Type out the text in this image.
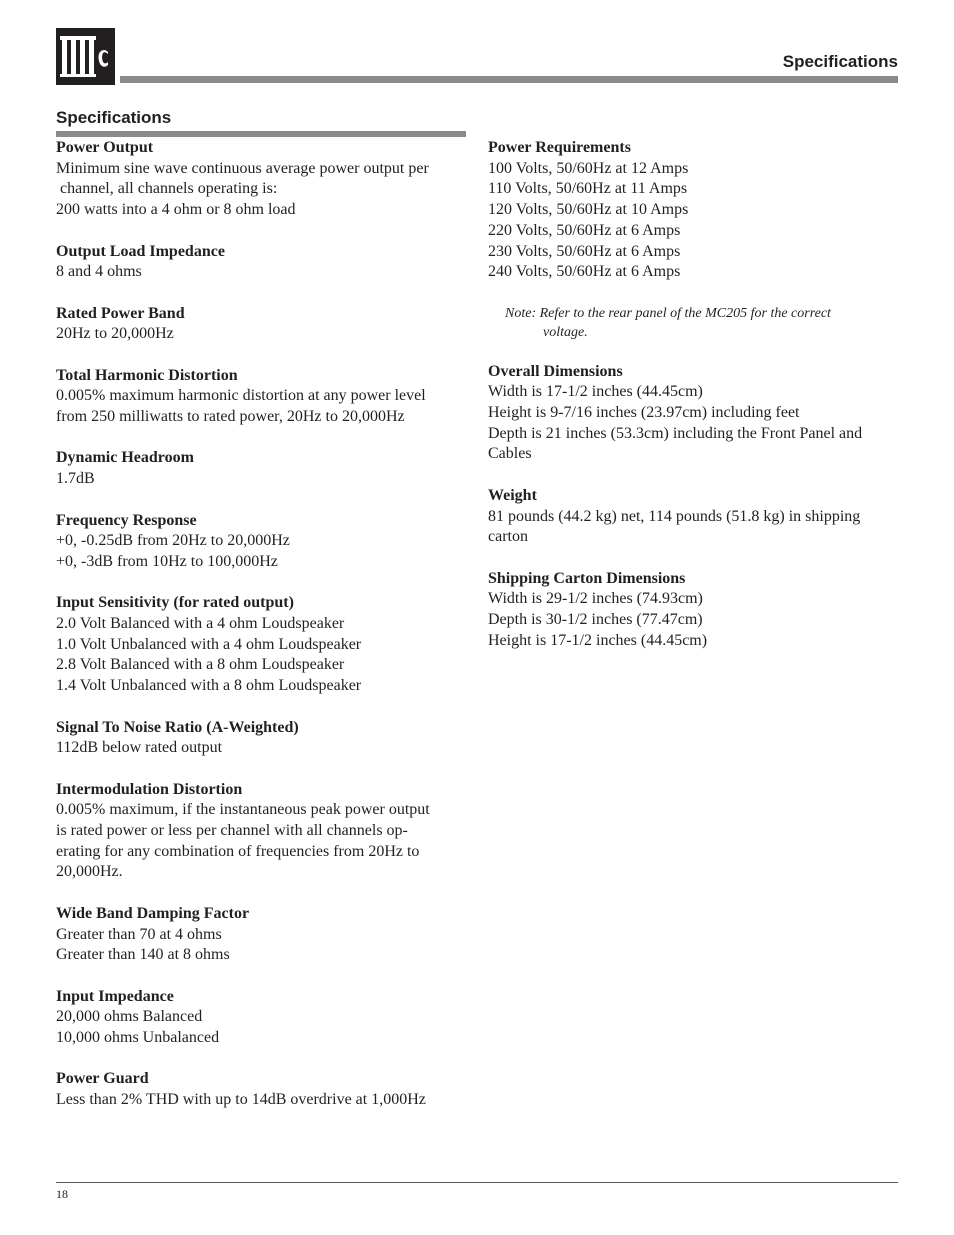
Specifications
Specifications
Power Output
Minimum sine wave continuous average power output per
channel, all channels operating is:
200 watts into a 4 ohm or 8 ohm load
Output Load Impedance
8 and 4 ohms
Rated Power Band
20Hz to 20,000Hz
Total Harmonic Distortion
0.005% maximum harmonic distortion at any power level
from 250 milliwatts to rated power, 20Hz to 20,000Hz
Dynamic Headroom
1.7dB
Frequency Response
+0, -0.25dB from 20Hz to 20,000Hz
+0, -3dB from 10Hz to 100,000Hz
Input Sensitivity (for rated output)
2.0 Volt Balanced with a 4 ohm Loudspeaker
1.0 Volt Unbalanced with a 4 ohm Loudspeaker
2.8 Volt Balanced with a 8 ohm Loudspeaker
1.4 Volt Unbalanced with a 8 ohm Loudspeaker
Signal To Noise Ratio (A-Weighted)
112dB below rated output
Intermodulation Distortion
0.005% maximum, if the instantaneous peak power output
is rated power or less per channel with all channels op-
erating for any combination of frequencies from 20Hz to
20,000Hz.
Wide Band Damping Factor
Greater than 70 at 4 ohms
Greater than 140 at 8 ohms
Input Impedance
20,000 ohms Balanced
10,000 ohms Unbalanced
Power Guard
Less than 2% THD with up to 14dB overdrive at 1,000Hz
Power Requirements
100 Volts, 50/60Hz at 12 Amps
110 Volts, 50/60Hz at 11 Amps
120 Volts, 50/60Hz at 10 Amps
220 Volts, 50/60Hz at 6 Amps
230 Volts, 50/60Hz at 6 Amps
240 Volts, 50/60Hz at 6 Amps
Note: Refer to the rear panel of the MC205 for the correct
voltage.
Overall Dimensions
Width is 17-1/2 inches (44.45cm)
Height is 9-7/16 inches (23.97cm) including feet
Depth is 21 inches (53.3cm) including the Front Panel and
Cables
Weight
81 pounds (44.2 kg) net, 114 pounds (51.8 kg) in shipping
carton
Shipping Carton Dimensions
Width is 29-1/2 inches (74.93cm)
Depth is 30-1/2 inches (77.47cm)
Height is 17-1/2 inches (44.45cm)
18
